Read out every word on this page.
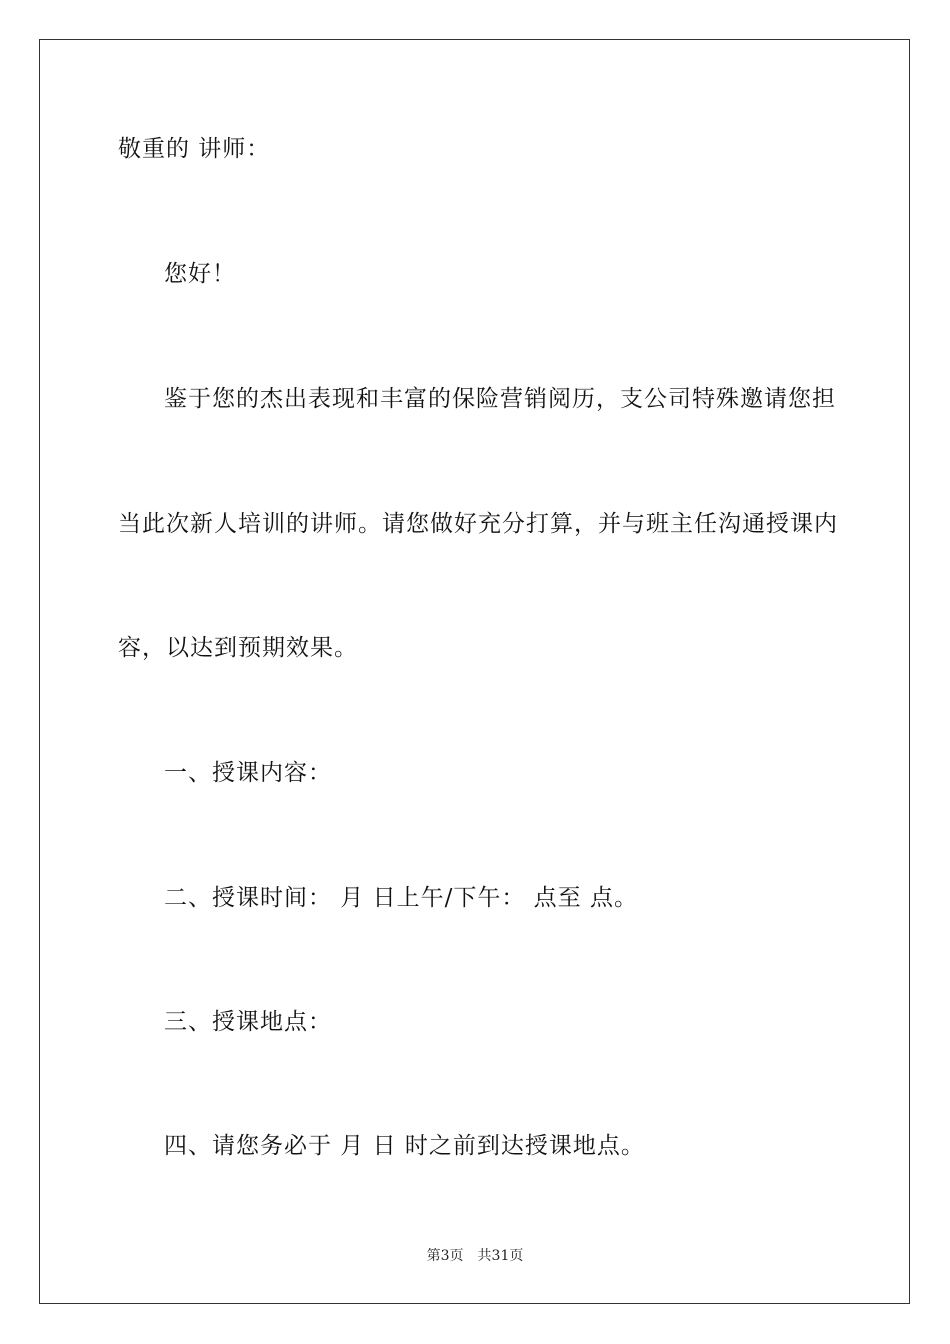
敬重的 讲师：
您好！
鉴于您的杰出表现和丰富的保险营销阅历，支公司特殊邀请您担
当此次新人培训的讲师。请您做好充分打算，并与班主任沟通授课内
容，以达到预期效果。
一、授课内容：
二、授课时间： 月 日上午/下午： 点至 点。
三、授课地点：
四、请您务必于 月 日 时之前到达授课地点。
第3页 共31页
